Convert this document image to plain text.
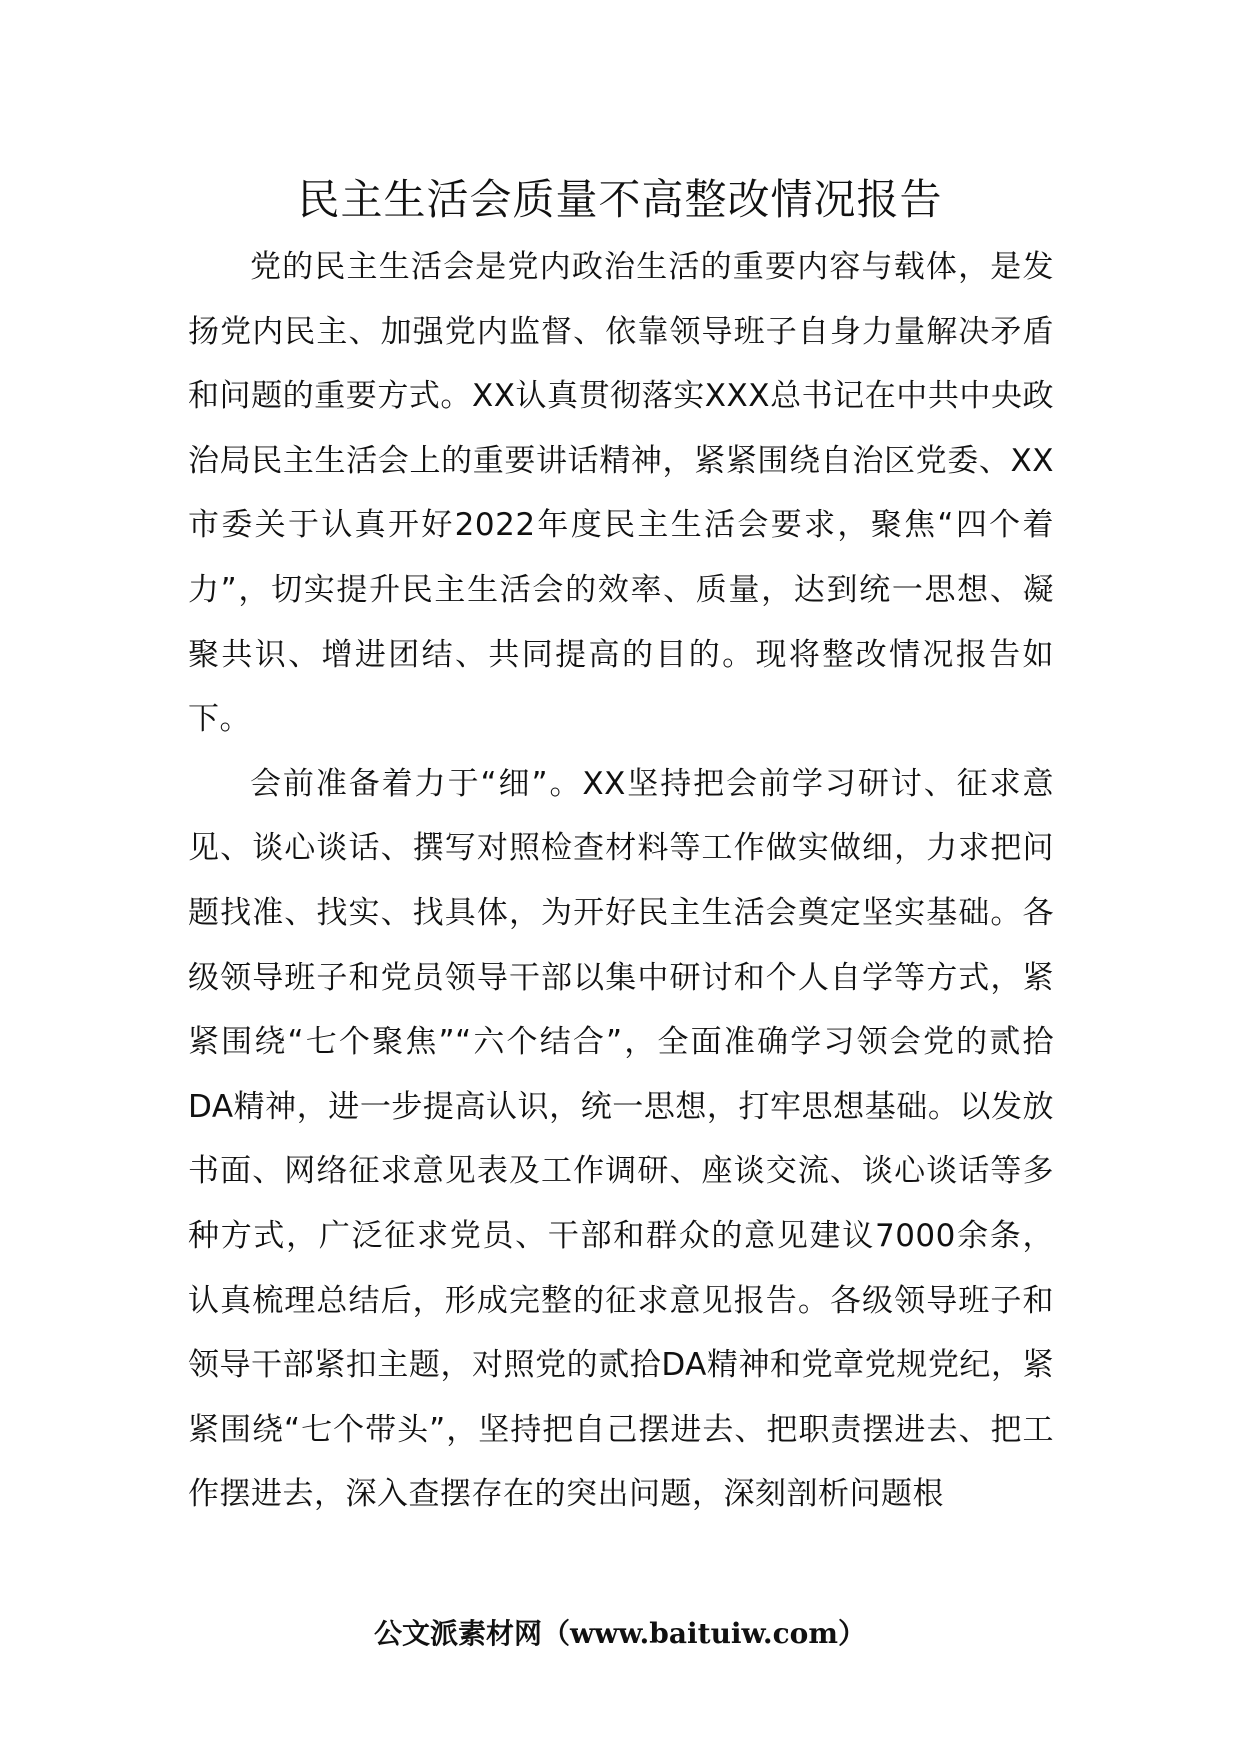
民主生活会质量不高整改情况报告

党的民主生活会是党内政治生活的重要内容与载体，是发扬党内民主、加强党内监督、依靠领导班子自身力量解决矛盾和问题的重要方式。XX认真贯彻落实XXX总书记在中共中央政治局民主生活会上的重要讲话精神，紧紧围绕自治区党委、XX市委关于认真开好2022年度民主生活会要求，聚焦“四个着力”，切实提升民主生活会的效率、质量，达到统一思想、凝聚共识、增进团结、共同提高的目的。现将整改情况报告如下。

会前准备着力于“细”。XX坚持把会前学习研讨、征求意见、谈心谈话、撰写对照检查材料等工作做实做细，力求把问题找准、找实、找具体，为开好民主生活会奠定坚实基础。各级领导班子和党员领导干部以集中研讨和个人自学等方式，紧紧围绕“七个聚焦”“六个结合”，全面准确学习领会党的贰拾DA精神，进一步提高认识，统一思想，打牢思想基础。以发放书面、网络征求意见表及工作调研、座谈交流、谈心谈话等多种方式，广泛征求党员、干部和群众的意见建议7000余条，认真梳理总结后，形成完整的征求意见报告。各级领导班子和领导干部紧扣主题，对照党的贰拾DA精神和党章党规党纪，紧紧围绕“七个带头”，坚持把自己摆进去、把职责摆进去、把工作摆进去，深入查摆存在的突出问题，深刻剖析问题根

公文派素材网（www.baituiw.com）
